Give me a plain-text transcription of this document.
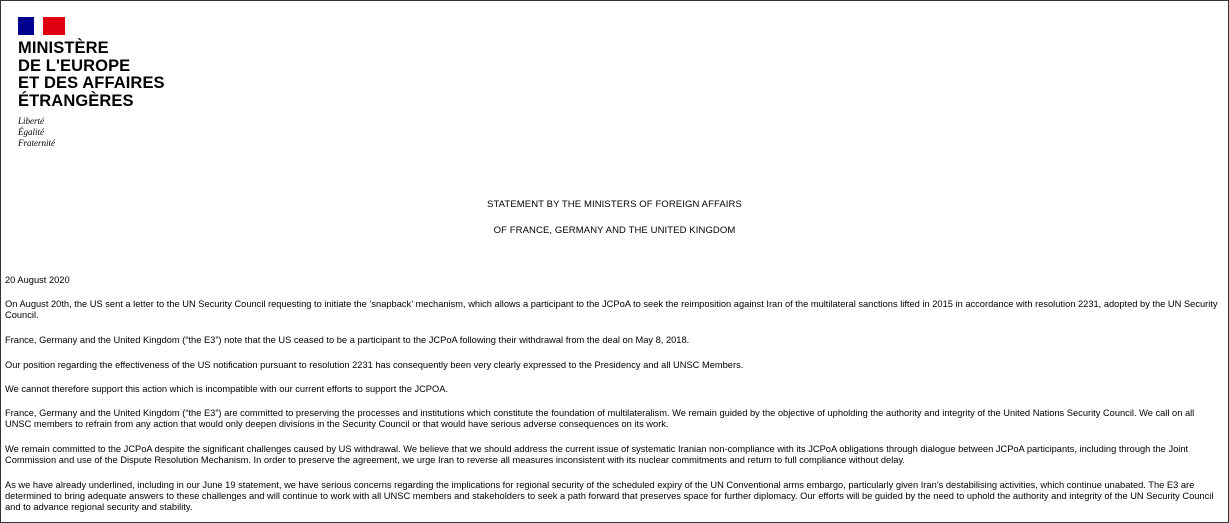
MINISTÈRE
DE L'EUROPE
ET DES AFFAIRES
ÉTRANGÈRES
Liberté
Égalité
Fraternité
STATEMENT BY THE MINISTERS OF FOREIGN AFFAIRS
OF FRANCE, GERMANY AND THE UNITED KINGDOM
20 August 2020
On August 20th, the US sent a letter to the UN Security Council requesting to initiate the ‘snapback’ mechanism, which allows a participant to the JCPoA to seek the reimposition against Iran of the multilateral sanctions lifted in 2015 in accordance with resolution 2231, adopted by the UN Security Council.
France, Germany and the United Kingdom (“the E3”) note that the US ceased to be a participant to the JCPoA following their withdrawal from the deal on May 8, 2018.
Our position regarding the effectiveness of the US notification pursuant to resolution 2231 has consequently been very clearly expressed to the Presidency and all UNSC Members.
We cannot therefore support this action which is incompatible with our current efforts to support the JCPOA.
France, Germany and the United Kingdom (“the E3”) are committed to preserving the processes and institutions which constitute the foundation of multilateralism. We remain guided by the objective of upholding the authority and integrity of the United Nations Security Council. We call on all UNSC members to refrain from any action that would only deepen divisions in the Security Council or that would have serious adverse consequences on its work.
We remain committed to the JCPoA despite the significant challenges caused by US withdrawal. We believe that we should address the current issue of systematic Iranian non-compliance with its JCPoA obligations through dialogue between JCPoA participants, including through the Joint Commission and use of the Dispute Resolution Mechanism. In order to preserve the agreement, we urge Iran to reverse all measures inconsistent with its nuclear commitments and return to full compliance without delay.
As we have already underlined, including in our June 19 statement, we have serious concerns regarding the implications for regional security of the scheduled expiry of the UN Conventional arms embargo, particularly given Iran’s destabilising activities, which continue unabated. The E3 are determined to bring adequate answers to these challenges and will continue to work with all UNSC members and stakeholders to seek a path forward that preserves space for further diplomacy. Our efforts will be guided by the need to uphold the authority and integrity of the UN Security Council and to advance regional security and stability.
